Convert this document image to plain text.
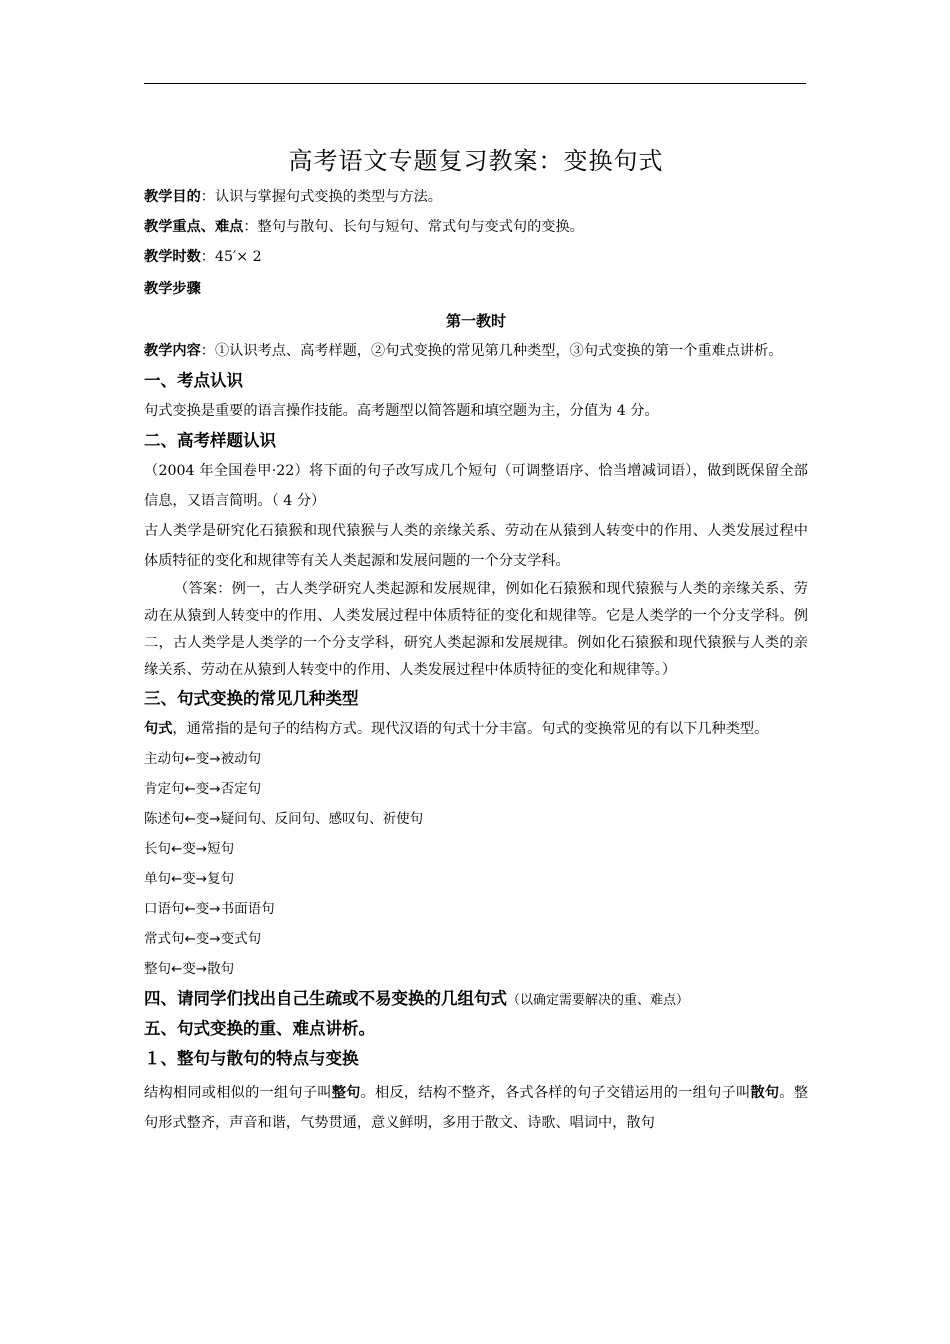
高考语文专题复习教案：变换句式
教学目的：认识与掌握句式变换的类型与方法。
教学重点、难点：整句与散句、长句与短句、常式句与变式句的变换。
教学时数：45′× 2
教学步骤
第一教时
教学内容：①认识考点、高考样题，②句式变换的常见第几种类型，③句式变换的第一个重难点讲析。
一、考点认识
句式变换是重要的语言操作技能。高考题型以简答题和填空题为主，分值为 4 分。
二、高考样题认识
（2004 年全国卷甲·22）将下面的句子改写成几个短句（可调整语序、恰当增减词语），做到既保留全部信息，又语言简明。（ 4 分）
古人类学是研究化石猿猴和现代猿猴与人类的亲缘关系、劳动在从猿到人转变中的作用、人类发展过程中体质特征的变化和规律等有关人类起源和发展问题的一个分支学科。
（答案：例一，古人类学研究人类起源和发展规律，例如化石猿猴和现代猿猴与人类的亲缘关系、劳动在从猿到人转变中的作用、人类发展过程中体质特征的变化和规律等。它是人类学的一个分支学科。例二，古人类学是人类学的一个分支学科，研究人类起源和发展规律。例如化石猿猴和现代猿猴与人类的亲缘关系、劳动在从猿到人转变中的作用、人类发展过程中体质特征的变化和规律等。）
三、句式变换的常见几种类型
句式，通常指的是句子的结构方式。现代汉语的句式十分丰富。句式的变换常见的有以下几种类型。
主动句←变→被动句
肯定句←变→否定句
陈述句←变→疑问句、反问句、感叹句、祈使句
长句←变→短句
单句←变→复句
口语句←变→书面语句
常式句←变→变式句
整句←变→散句
四、请同学们找出自己生疏或不易变换的几组句式（以确定需要解决的重、难点）
五、句式变换的重、难点讲析。
１、整句与散句的特点与变换
结构相同或相似的一组句子叫整句。相反，结构不整齐，各式各样的句子交错运用的一组句子叫散句。整句形式整齐，声音和谐，气势贯通，意义鲜明，多用于散文、诗歌、唱词中，散句
